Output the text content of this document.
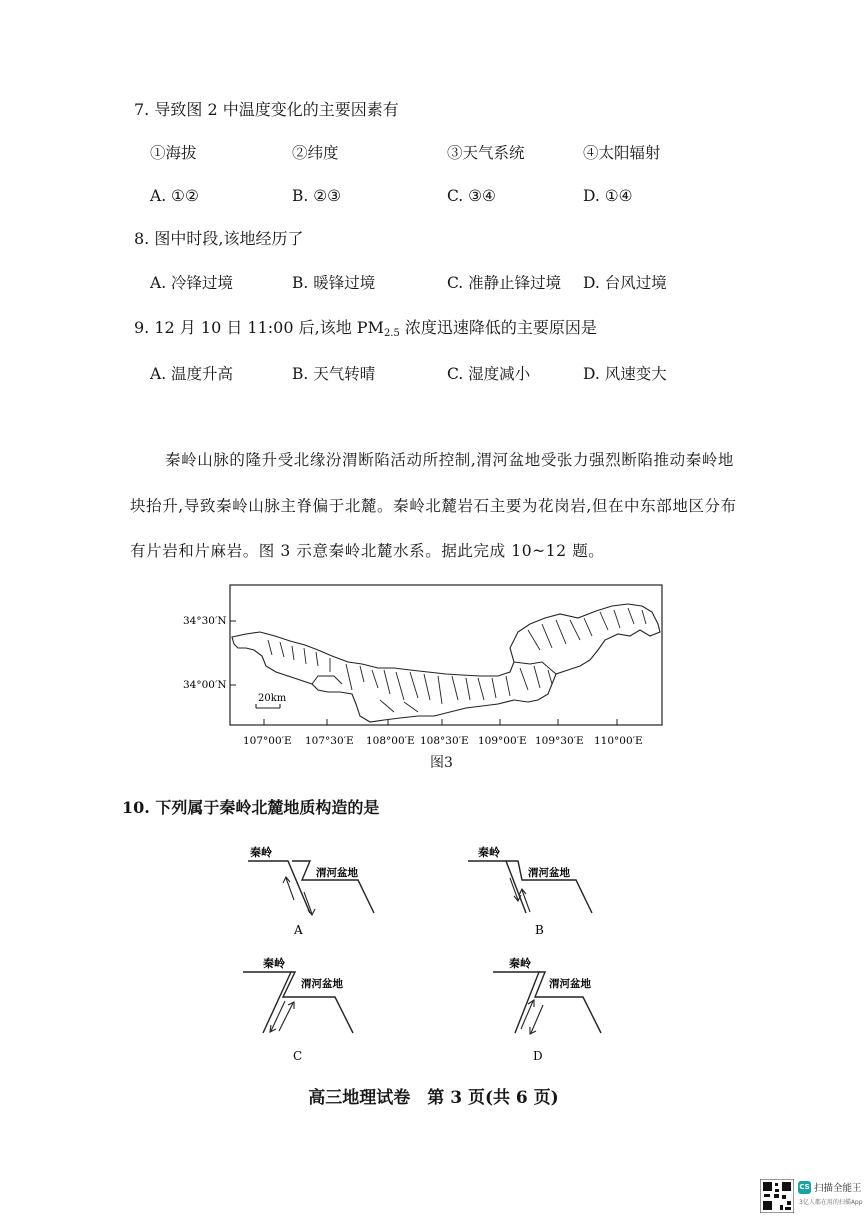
7. 导致图 2 中温度变化的主要因素有
①海拔	②纬度	③天气系统	④太阳辐射
A. ①②	B. ②③	C. ③④	D. ①④
8. 图中时段,该地经历了
A. 冷锋过境	B. 暖锋过境	C. 准静止锋过境 D. 台风过境
9. 12 月 10 日 11:00 后,该地 $PM_{2.5}$ 浓度迅速降低的主要原因是
A. 温度升高	B. 天气转晴	C. 湿度减小	D. 风速变大
秦岭山脉的隆升受北缘汾渭断陷活动所控制,渭河盆地受张力强烈断陷推动秦岭地
块抬升,导致秦岭山脉主脊偏于北麓。秦岭北麓岩石主要为花岗岩,但在中东部地区分布
有片岩和片麻岩。图 3 示意秦岭北麓水系。据此完成 10~12 题。
20km
34°30′N
34°00′N
107°00′E 107°30′E 108°00′E 108°30′E 109°00′E 109°30′E 110°00′E
图3
10. 下列属于秦岭北麓地质构造的是
秦岭
渭河盆地
A
秦岭
渭河盆地
B
秦岭
渭河盆地
C
秦岭
渭河盆地
D
高三地理试卷　第 3 页(共 6 页)
CS 扫描全能王
3亿人都在用的扫描App
